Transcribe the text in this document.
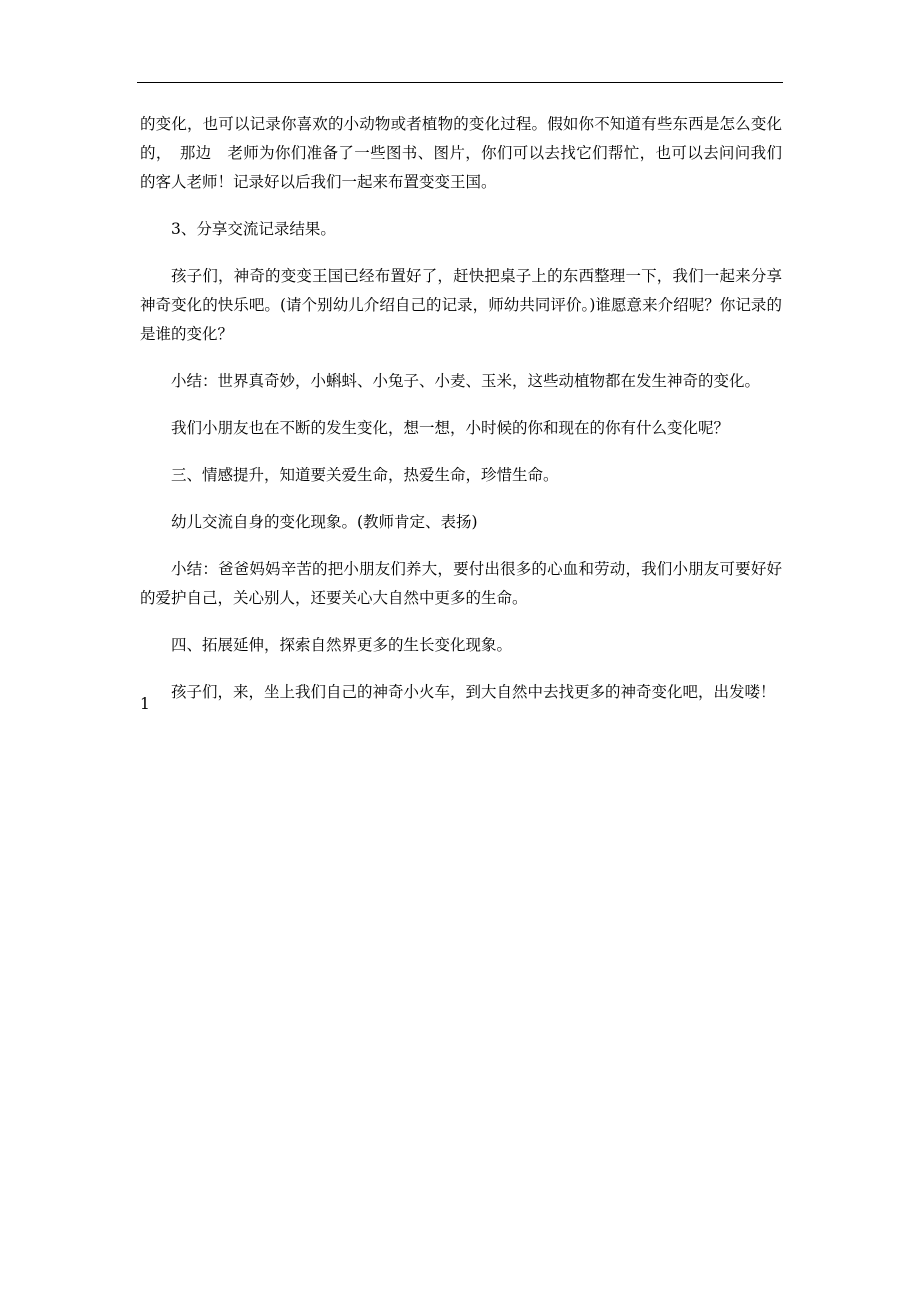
的变化，也可以记录你喜欢的小动物或者植物的变化过程。假如你不知道有些东西是怎么变化的，　那边　老师为你们准备了一些图书、图片，你们可以去找它们帮忙，也可以去问问我们的客人老师！记录好以后我们一起来布置变变王国。

3、分享交流记录结果。

孩子们，神奇的变变王国已经布置好了，赶快把桌子上的东西整理一下，我们一起来分享神奇变化的快乐吧。(请个别幼儿介绍自己的记录，师幼共同评价。)谁愿意来介绍呢？你记录的是谁的变化？

小结：世界真奇妙，小蝌蚪、小兔子、小麦、玉米，这些动植物都在发生神奇的变化。

我们小朋友也在不断的发生变化，想一想，小时候的你和现在的你有什么变化呢？

三、情感提升，知道要关爱生命，热爱生命，珍惜生命。

幼儿交流自身的变化现象。(教师肯定、表扬)

小结：爸爸妈妈辛苦的把小朋友们养大，要付出很多的心血和劳动，我们小朋友可要好好的爱护自己，关心别人，还要关心大自然中更多的生命。

四、拓展延伸，探索自然界更多的生长变化现象。

孩子们，来，坐上我们自己的神奇小火车，到大自然中去找更多的神奇变化吧，出发喽！

1
